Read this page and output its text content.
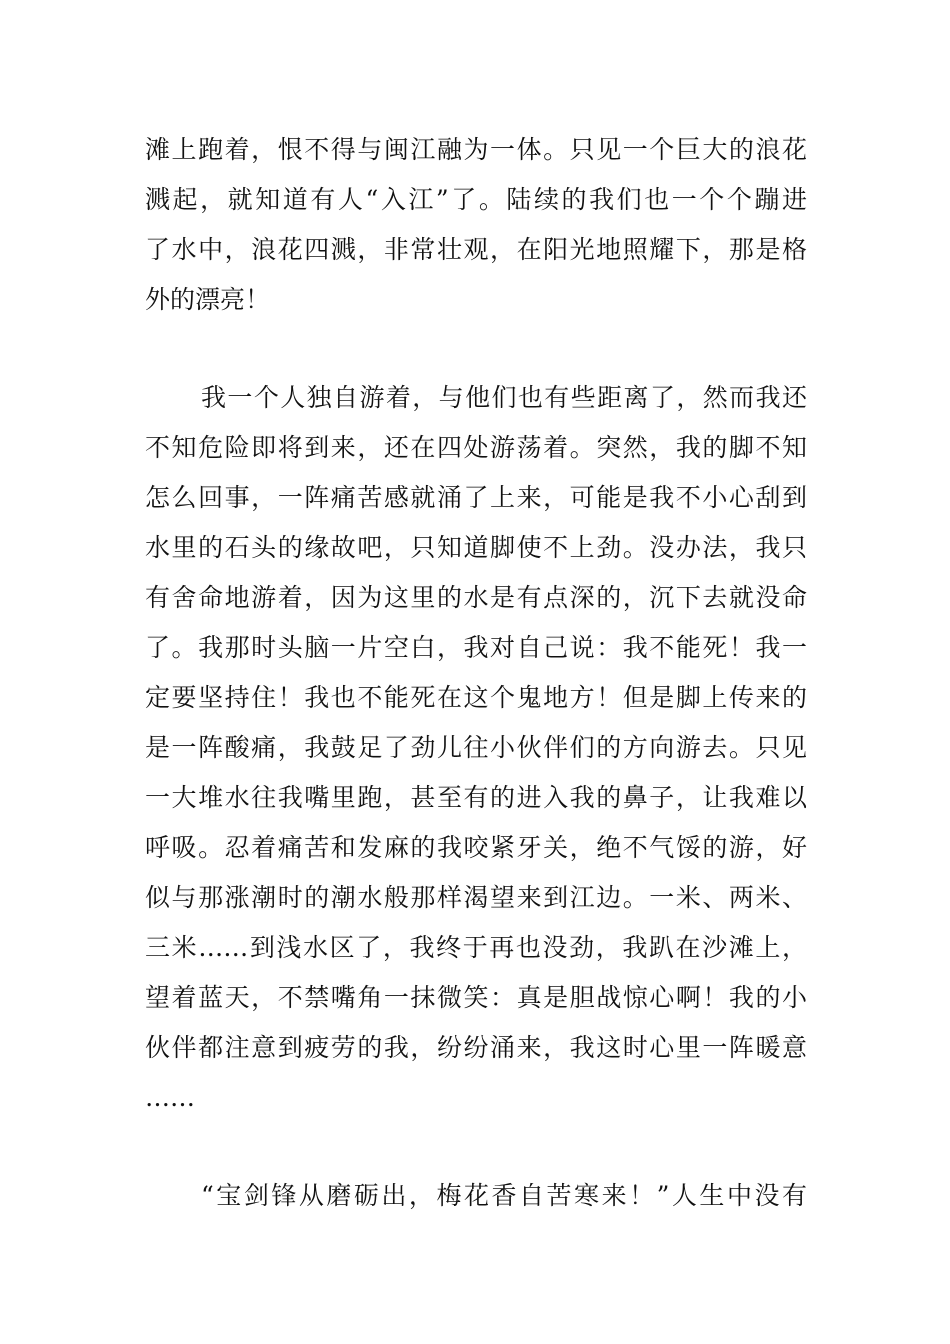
滩上跑着，恨不得与闽江融为一体。只见一个巨大的浪花
溅起，就知道有人“入江”了。陆续的我们也一个个蹦进
了水中，浪花四溅，非常壮观，在阳光地照耀下，那是格
外的漂亮！
我一个人独自游着，与他们也有些距离了，然而我还
不知危险即将到来，还在四处游荡着。突然，我的脚不知
怎么回事，一阵痛苦感就涌了上来，可能是我不小心刮到
水里的石头的缘故吧，只知道脚使不上劲。没办法，我只
有舍命地游着，因为这里的水是有点深的，沉下去就没命
了。我那时头脑一片空白，我对自己说：我不能死！我一
定要坚持住！我也不能死在这个鬼地方！但是脚上传来的
是一阵酸痛，我鼓足了劲儿往小伙伴们的方向游去。只见
一大堆水往我嘴里跑，甚至有的进入我的鼻子，让我难以
呼吸。忍着痛苦和发麻的我咬紧牙关，绝不气馁的游，好
似与那涨潮时的潮水般那样渴望来到江边。一米、两米、
三米……到浅水区了，我终于再也没劲，我趴在沙滩上，
望着蓝天，不禁嘴角一抹微笑：真是胆战惊心啊！我的小
伙伴都注意到疲劳的我，纷纷涌来，我这时心里一阵暖意
……
“宝剑锋从磨砺出，梅花香自苦寒来！”人生中没有
